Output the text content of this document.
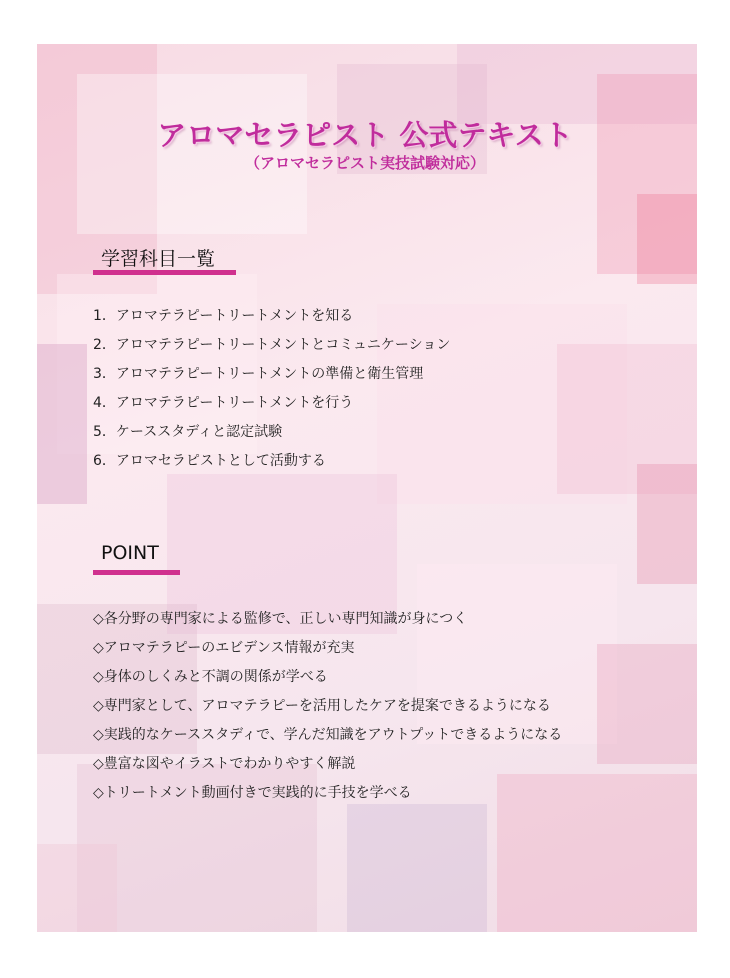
アロマセラピスト 公式テキスト
（アロマセラピスト実技試験対応）
学習科目一覧
1．アロマテラピートリートメントを知る
2．アロマテラピートリートメントとコミュニケーション
3．アロマテラピートリートメントの準備と衛生管理
4．アロマテラピートリートメントを行う
5．ケーススタディと認定試験
6．アロマセラピストとして活動する
POINT
◇各分野の専門家による監修で、正しい専門知識が身につく
◇アロマテラピーのエビデンス情報が充実
◇身体のしくみと不調の関係が学べる
◇専門家として、アロマテラピーを活用したケアを提案できるようになる
◇実践的なケーススタディで、学んだ知識をアウトプットできるようになる
◇豊富な図やイラストでわかりやすく解説
◇トリートメント動画付きで実践的に手技を学べる
